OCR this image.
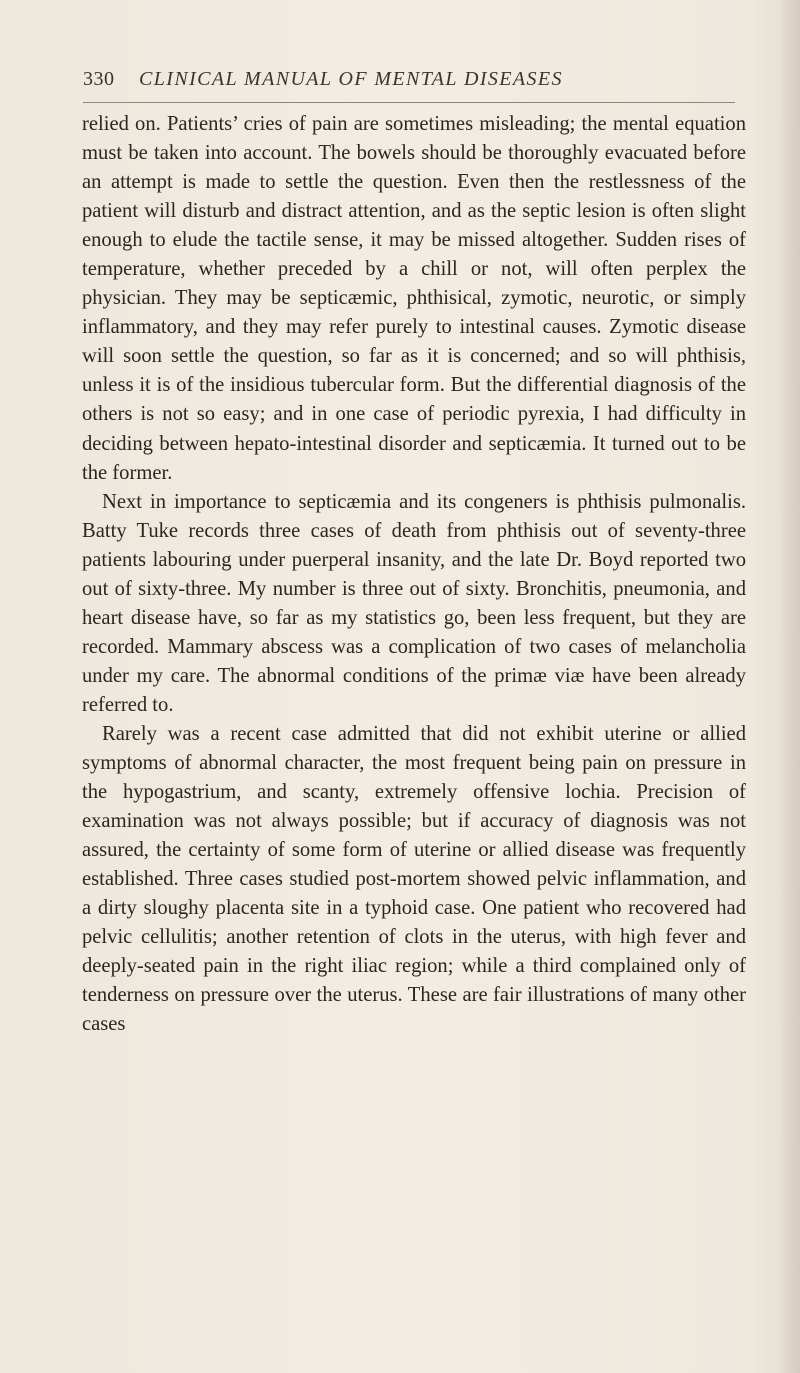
330 CLINICAL MANUAL OF MENTAL DISEASES

relied on. Patients’ cries of pain are sometimes misleading; the mental equation must be taken into account. The bowels should be thoroughly evacuated before an attempt is made to settle the question. Even then the restlessness of the patient will disturb and distract attention, and as the septic lesion is often slight enough to elude the tactile sense, it may be missed altogether. Sudden rises of temperature, whether preceded by a chill or not, will often perplex the physician. They may be septicæmic, phthisical, zymotic, neurotic, or simply inflammatory, and they may refer purely to intestinal causes. Zymotic disease will soon settle the question, so far as it is concerned; and so will phthisis, unless it is of the insidious tubercular form. But the differential diagnosis of the others is not so easy; and in one case of periodic pyrexia, I had difficulty in deciding between hepato-intestinal disorder and septicæmia. It turned out to be the former.

Next in importance to septicæmia and its congeners is phthisis pulmonalis. Batty Tuke records three cases of death from phthisis out of seventy-three patients labouring under puerperal insanity, and the late Dr. Boyd reported two out of sixty-three. My number is three out of sixty. Bronchitis, pneumonia, and heart disease have, so far as my statistics go, been less frequent, but they are recorded. Mammary abscess was a complication of two cases of melancholia under my care. The abnormal conditions of the primæ viæ have been already referred to.

Rarely was a recent case admitted that did not exhibit uterine or allied symptoms of abnormal character, the most frequent being pain on pressure in the hypogastrium, and scanty, extremely offensive lochia. Precision of examination was not always possible; but if accuracy of diagnosis was not assured, the certainty of some form of uterine or allied disease was frequently established. Three cases studied post-mortem showed pelvic inflammation, and a dirty sloughy placenta site in a typhoid case. One patient who recovered had pelvic cellulitis; another retention of clots in the uterus, with high fever and deeply-seated pain in the right iliac region; while a third complained only of tenderness on pressure over the uterus. These are fair illustrations of many other cases
